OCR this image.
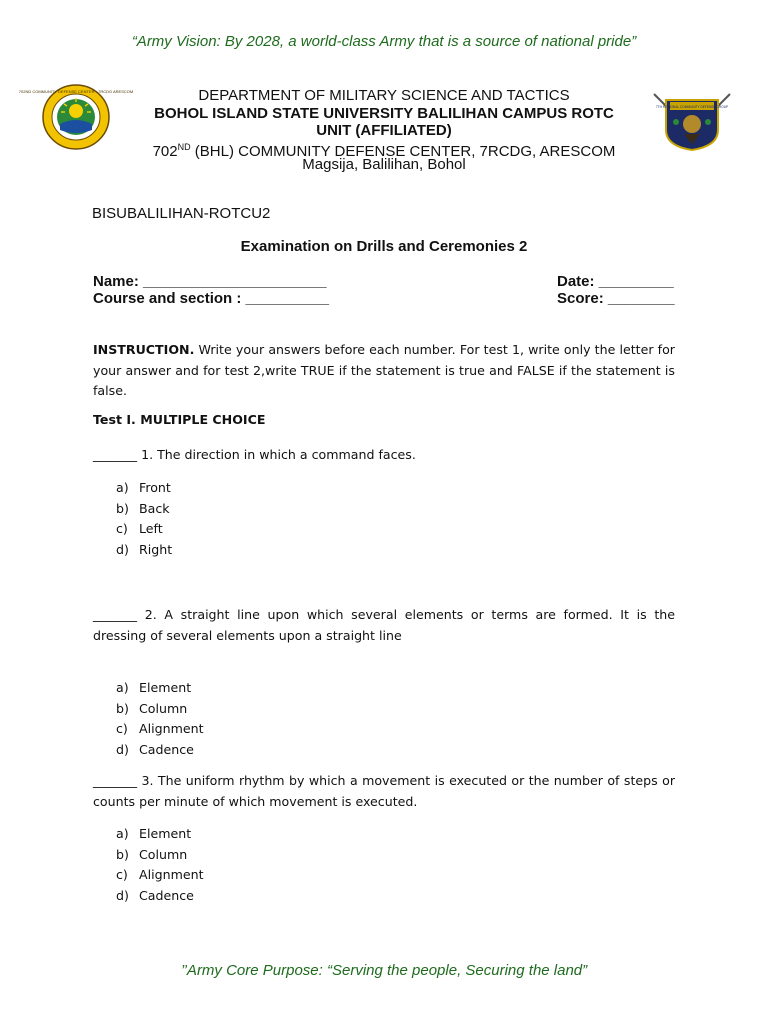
“Army Vision: By 2028, a world-class Army that is a source of national pride”
702ND COMMUNITY DEFENSE CENTER • 7RCDG ARESCOM
7TH REGIONAL COMMUNITY DEFENSE GROUP
DEPARTMENT OF MILITARY SCIENCE AND TACTICS
BOHOL ISLAND STATE UNIVERSITY BALILIHAN CAMPUS ROTC
UNIT (AFFILIATED)
702ND (BHL) COMMUNITY DEFENSE CENTER, 7RCDG, ARESCOM
Magsija, Balilihan, Bohol
BISUBALILIHAN-ROTCU2
Examination on Drills and Ceremonies 2
Name: ______________________	Date: _________
Course and section : __________	Score: ________
INSTRUCTION. Write your answers before each number. For test 1, write only the letter for your answer and for test 2,write TRUE if the statement is true and FALSE if the statement is false.
Test I. MULTIPLE CHOICE
_______ 1. The direction in which a command faces.
a) Front
b) Back
c) Left
d) Right
_______ 2. A straight line upon which several elements or terms are formed. It is the dressing of several elements upon a straight line
a) Element
b) Column
c) Alignment
d) Cadence
_______ 3. The uniform rhythm by which a movement is executed or the number of steps or counts per minute of which movement is executed.
a) Element
b) Column
c) Alignment
d) Cadence
’’Army Core Purpose: “Serving the people, Securing the land”
